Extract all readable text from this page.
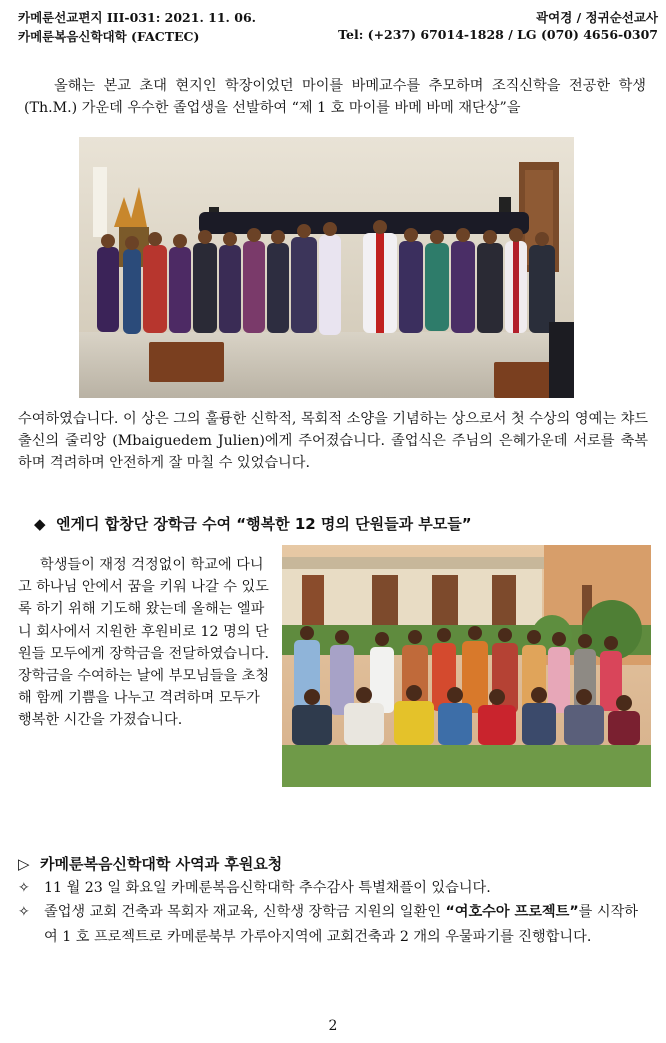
카메룬선교편지 III-031: 2021. 11. 06.
카메룬복음신학대학 (FACTEC)
곽여경 / 정귀순선교사
Tel: (+237) 67014-1828 / LG (070) 4656-0307
올해는 본교 초대 현지인 학장이었던 마이를 바메교수를 추모하며 조직신학을 전공한 학생(Th.M.) 가운데 우수한 졸업생을 선발하여 “제 1 호 마이를 바메 바메 재단상”을
수여하였습니다. 이 상은 그의 훌륭한 신학적, 목회적 소양을 기념하는 상으로서 첫 수상의 영예는 챠드출신의 줄리앙 (Mbaiguedem Julien)에게 주어졌습니다. 졸업식은 주님의 은혜가운데 서로를 축복하며 격려하며 안전하게 잘 마칠 수 있었습니다.
◆ 엔게디 합창단 장학금 수여 “행복한 12 명의 단원들과 부모들”
학생들이 재정 걱정없이 학교에 다니고 하나님 안에서 꿈을 키워 나갈 수 있도록 하기 위해 기도해 왔는데 올해는 엘파니 회사에서 지원한 후원비로 12 명의 단원들 모두에게 장학금을 전달하였습니다. 장학금을 수여하는 날에 부모님들을 초청해 함께 기쁨을 나누고 격려하며 모두가 행복한 시간을 가졌습니다.
▷ 카메룬복음신학대학 사역과 후원요청
✧ 11 월 23 일 화요일 카메룬복음신학대학 추수감사 특별채플이 있습니다.
✧ 졸업생 교회 건축과 목회자 재교육, 신학생 장학금 지원의 일환인 “여호수아 프로젝트”를 시작하여 1 호 프로젝트로 카메룬북부 가루아지역에 교회건축과 2 개의 우물파기를 진행합니다.
2
